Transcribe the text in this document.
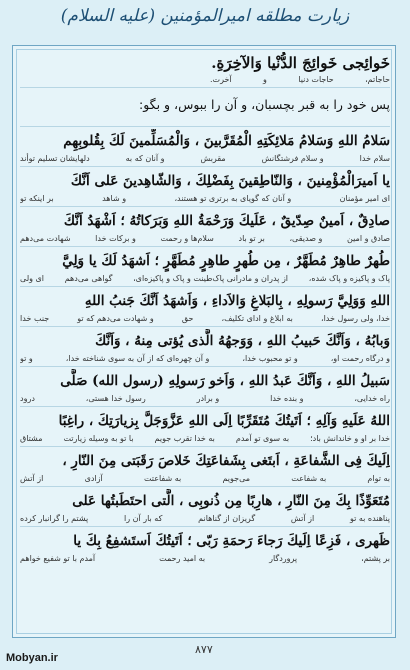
زیارت مطلقه امیرالمؤمنین (علیه السلام)
خَوائِجى خَوائِجَ الدُّنْيا وَالآخِرَةِ.
حاجاتم،
حاجات دنیا
و
آخرت.
پس خود را به قبر بچسبان، و آن را ببوس، و بگو:
سَلامُ اللهِ وَسَلامُ مَلائِكَتِهِ الْمُقَرَّبينَ ، وَالْمُسَلِّمينَ لَكَ بِقُلوبِهِم
سلام خدا
و سلام فرشتگانش
مقربش
و آنان که به
دلهایشان تسلیم توأند
يا اَميرَالْمُؤْمِنينَ ، وَالنّاطِقينَ بِفَضْلِكَ ، وَالشّاهِدينَ عَلى اَنَّكَ
ای امیر مؤمنان
و آنان که گویای به برتری تو هستند،
و شاهد
بر اینکه تو
صادِقٌ ، اَمينٌ صِدّيقٌ ، عَلَيكَ وَرَحْمَةُ اللهِ وَبَرَكاتُهُ ؛ اَشْهَدُ اَنَّكَ
صادق و امین
و صدیقی،
بر تو باد
سلام‌ها و رحمت
و برکات خدا
شهادت می‌دهم
طُهرٌ طاهِرٌ مُطَهَّرٌ ، مِن طُهرٍ طاهِرٍ مُطَهَّرٍ ؛ اَشهَدُ لَكَ يا وَلِيَّ
پاک و پاکیزه و پاک شده،
از پدران و مادرانی پاک‌طینت و پاک و پاکیزه‌ای،
گواهی می‌دهم
ای ولی
اللهِ وَوَلِيَّ رَسولِهِ ، بِالبَلاغِ وَالاَداءِ ، وَاَشهَدُ اَنَّكَ جَنبُ اللهِ
خدا، ولی رسول خدا،
به ابلاغ و ادای تکلیف،
حق
و شهادت می‌دهم که تو
جنب خدا
وَبابُهُ ، وَاَنَّكَ حَبيبُ اللهِ ، وَوَجهُهُ الَّذى يُؤتى مِنهُ ، وَاَنَّكَ
و درگاه رحمت او،
و تو محبوب خدا،
و آن چهره‌ای که از آن به سوی شناخته خدا،
و تو
سَبيلُ اللهِ ، وَاَنَّكَ عَبدُ اللهِ ، وَاَخو رَسولِهِ (رسول الله) صَلَّى
راه خدایی،
و بنده خدا
و برادر
رسول خدا هستی،
درود
اللهُ عَلَيهِ وَآلِهِ ؛ اَتَيتُكَ مُتَقَرِّبًا اِلَى اللهِ عَزَّوَجَلَّ بِزيارَتِكَ ، راغِبًا
خدا بر او و خاندانش باد؛
به سوی تو آمدم
به خدا تقرب جویم
با تو به وسیله زیارتت
مشتاق
اِلَيكَ فِى الشَّفاعَةِ ، اَبتَغى بِشَفاعَتِكَ خَلاصَ رَقَبَتى مِنَ النّارِ ،
به توام
به شفاعت
می‌جویم
به شفاعتت
آزادی
از آتش
مُتَعَوِّذًا بِكَ مِنَ النّارِ ، هارِبًا مِن ذُنوبِى ، الَّتى احتَطَبتُها عَلى
پناهنده به تو
از آتش
گریزان از گناهانم
که بار آن را
پشتم را گرانبار کرده
ظَهرى ، فَزِعًا اِلَيكَ رَجاءَ رَحمَةِ رَبّى ؛ اَتَيتُكَ اَستَشفِعُ بِكَ يا
بر پشتم،
پروردگار
به امید رحمت
آمدم با تو شفیع خواهم
۸۷۷
Mobyan.ir
